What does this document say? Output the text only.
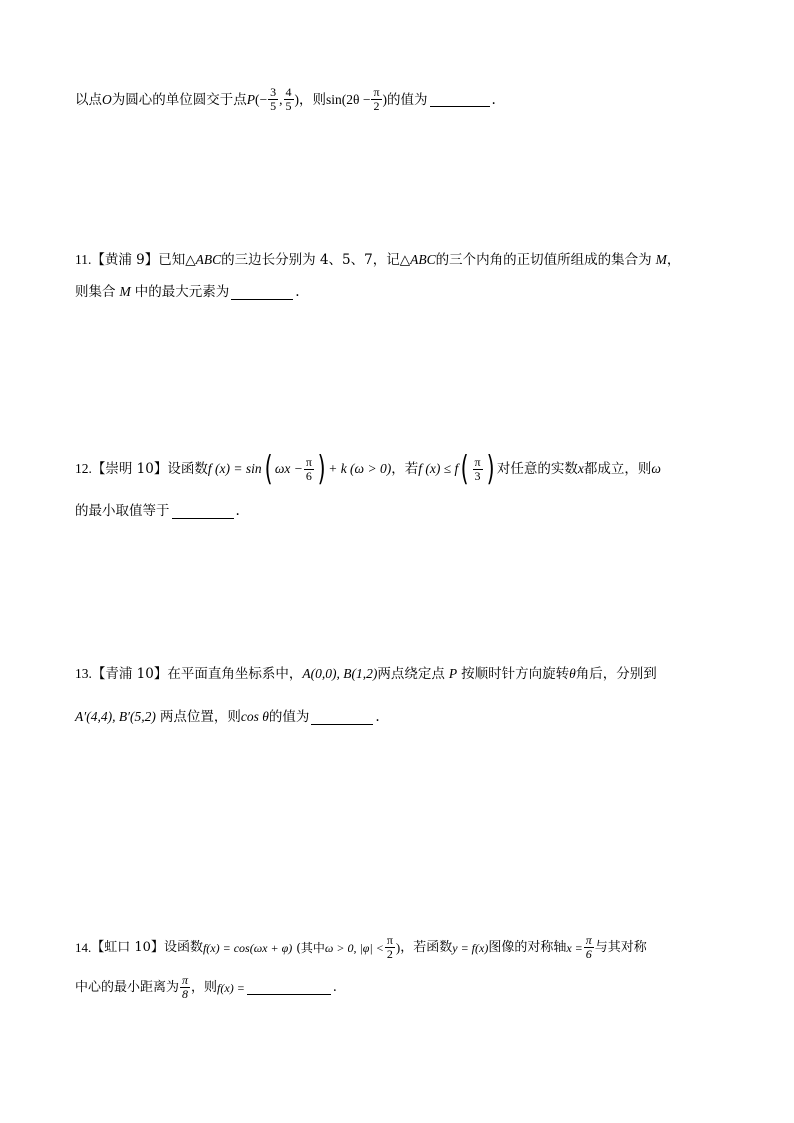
以点 O 为圆心的单位圆交于点 P ( − $\frac{3}{5}$ , $\frac{4}{5}$ ) ，则 $\sin(2\theta - \frac{\pi}{2}$ ) 的值为	.
11. 【黄浦 9】 已知△ ABC 的三边长分别为 4、5、7，记△ ABC 的三个内角的正切值所组成的集合为 M ，
则集合 M 中的最大元素为	.
12. 【崇明 10】 设函数 f (x) = sin ( $\omega x - \frac{\pi}{6}$ ) + k (ω > 0) ，若 f (x) ≤ f ( $\frac{\pi}{3}$ ) 对任意的实数 x 都成立，则 ω
的最小取值等于	.
13. 【青浦 10】 在平面直角坐标系中， A(0,0), B(1,2) 两点绕定点 P 按顺时针方向旋转 θ 角后，分别到
A′(4,4), B′(5,2) 两点位置，则 cos θ 的值为	.
14. 【虹口 10】 设函数 f(x) = cos(ωx + φ) (其中 ω > 0, $|\varphi| < \frac{\pi}{2}$ ) ，若函数 y = f(x) 图像的对称轴 $x = \frac{\pi}{6}$ 与其对称
中心的最小距离为 $\frac{\pi}{8}$ ，则 f(x) =	.
